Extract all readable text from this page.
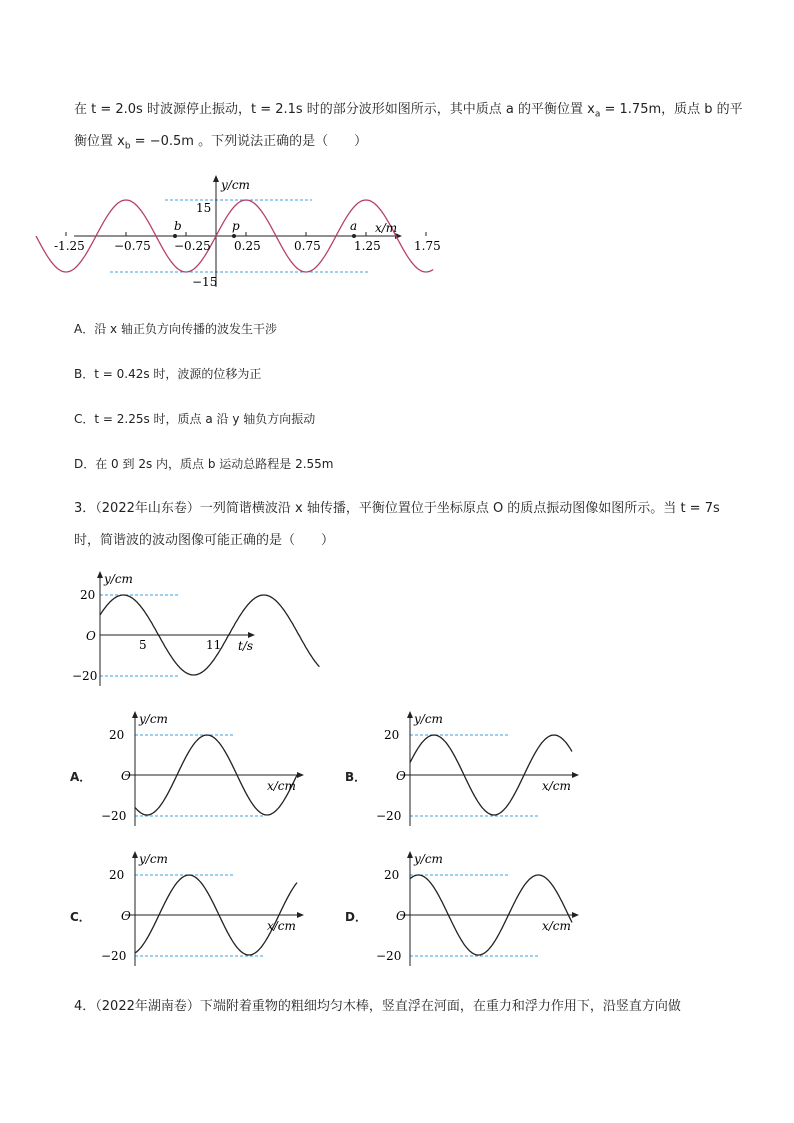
在 t = 2.0s 时波源停止振动，t = 2.1s 时的部分波形如图所示，其中质点 a 的平衡位置 $x_a = 1.75m$，质点 b 的平
衡位置 $x_b = -0.5m$ 。下列说法正确的是（　　）
y/cm
x/m
15
−15
-1.25 −0.75 −0.25 0.25	0.75	1.25	1.75
b	p	a
A．沿 x 轴正负方向传播的波发生干涉
B．t = 0.42s 时，波源的位移为正
C．t = 2.25s 时，质点 a 沿 y 轴负方向振动
D．在 0 到 2s 内，质点 b 运动总路程是 2.55m
3．（2022年山东卷）一列简谐横波沿 x 轴传播，平衡位置位于坐标原点 O 的质点振动图像如图所示。当 t = 7s
时，简谐波的波动图像可能正确的是（　　）
y/cm
t/s
O
20
−20
5	11
A．
y/cm
x/cm
O
20
−20
B．
y/cm
x/cm
O
20
−20
C．
y/cm
x/cm
O
20
−20
D．
y/cm
x/cm
O
20
−20
4．（2022年湖南卷）下端附着重物的粗细均匀木棒，竖直浮在河面，在重力和浮力作用下，沿竖直方向做
